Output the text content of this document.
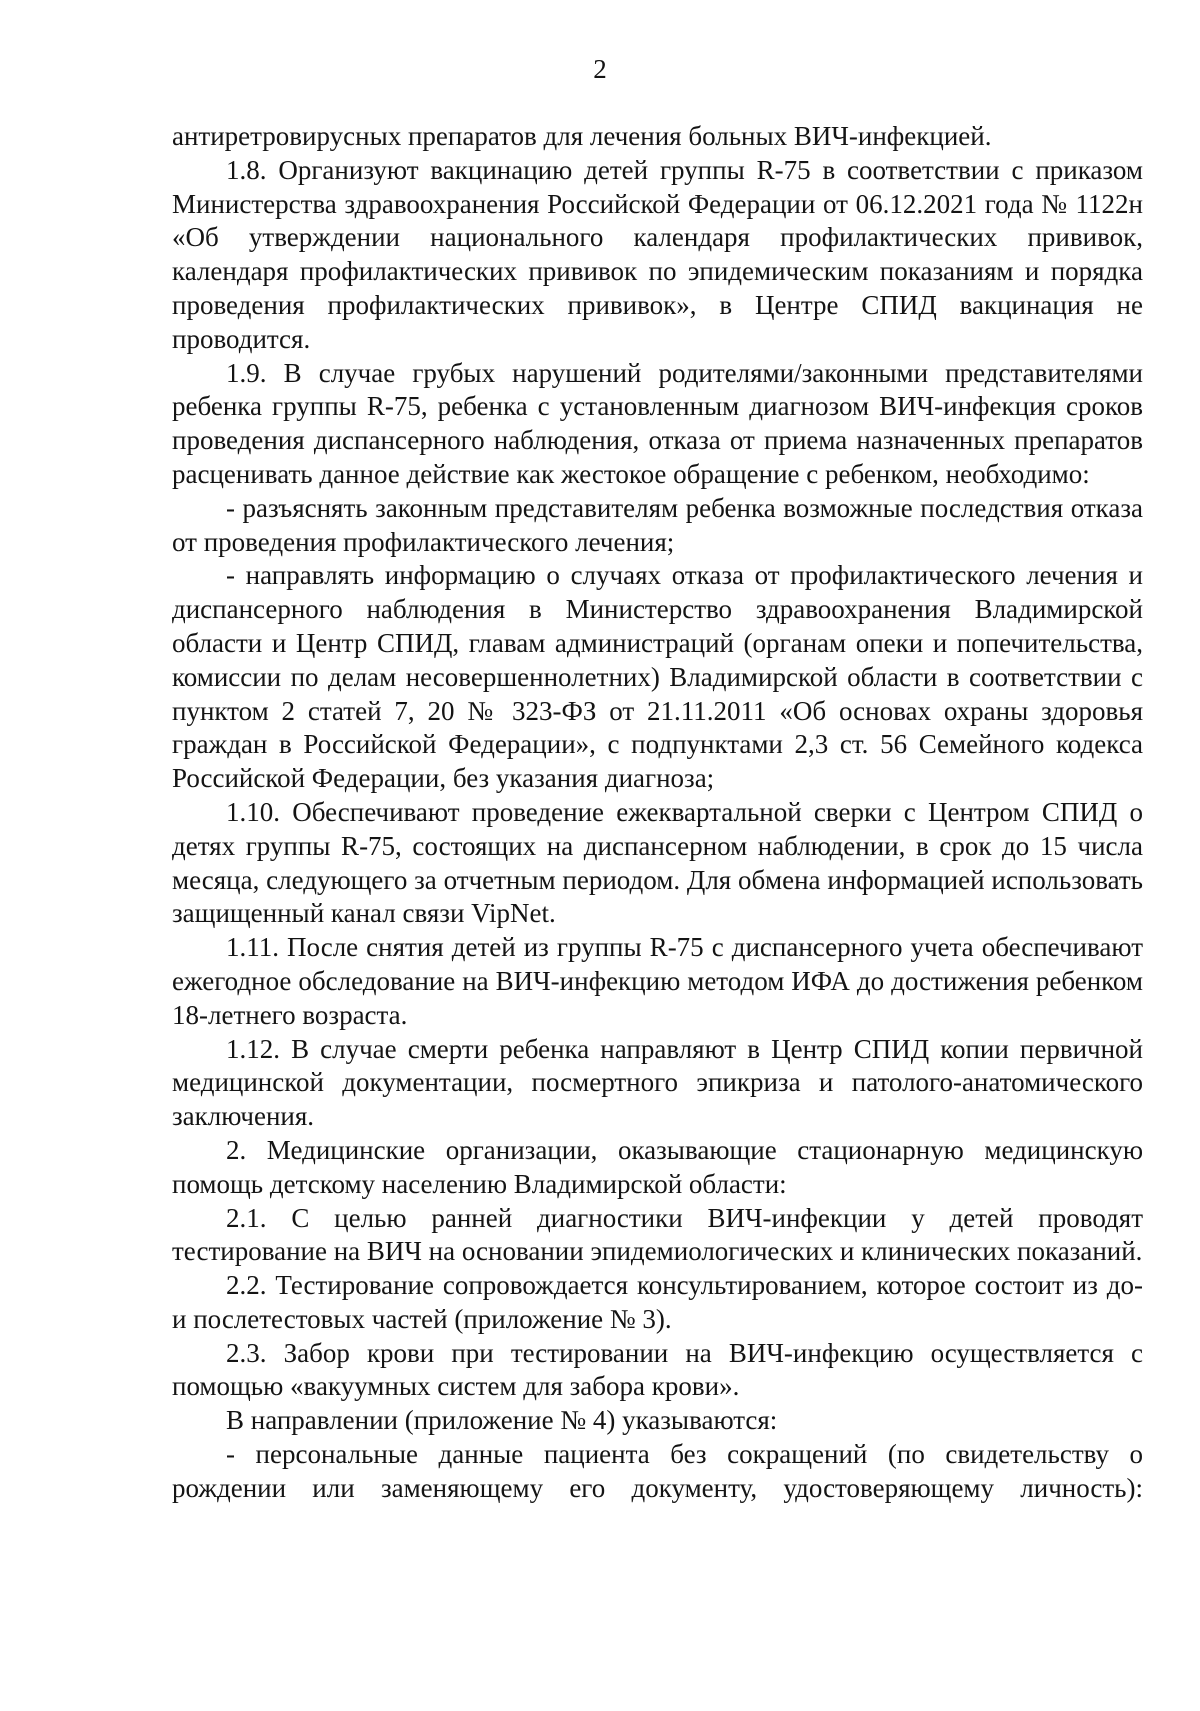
2

антиретровирусных препаратов для лечения больных ВИЧ-инфекцией.

1.8. Организуют вакцинацию детей группы R-75 в соответствии с приказом Министерства здравоохранения Российской Федерации от 06.12.2021 года № 1122н «Об утверждении национального календаря профилактических прививок, календаря профилактических прививок по эпидемическим показаниям и порядка проведения профилактических прививок», в Центре СПИД вакцинация не проводится.

1.9. В случае грубых нарушений родителями/законными представителями ребенка группы R-75, ребенка с установленным диагнозом ВИЧ-инфекция сроков проведения диспансерного наблюдения, отказа от приема назначенных препаратов расценивать данное действие как жестокое обращение с ребенком, необходимо:

- разъяснять законным представителям ребенка возможные последствия отказа от проведения профилактического лечения;

- направлять информацию о случаях отказа от профилактического лечения и диспансерного наблюдения в Министерство здравоохранения Владимирской области и Центр СПИД, главам администраций (органам опеки и попечительства, комиссии по делам несовершеннолетних) Владимирской области в соответствии с пунктом 2 статей 7, 20 № 323-ФЗ от 21.11.2011 «Об основах охраны здоровья граждан в Российской Федерации», с подпунктами 2,3 ст. 56 Семейного кодекса Российской Федерации, без указания диагноза;

1.10. Обеспечивают проведение ежеквартальной сверки с Центром СПИД о детях группы R-75, состоящих на диспансерном наблюдении, в срок до 15 числа месяца, следующего за отчетным периодом. Для обмена информацией использовать защищенный канал связи VipNet.

1.11. После снятия детей из группы R-75 с диспансерного учета обеспечивают ежегодное обследование на ВИЧ-инфекцию методом ИФА до достижения ребенком 18-летнего возраста.

1.12. В случае смерти ребенка направляют в Центр СПИД копии первичной медицинской документации, посмертного эпикриза и патолого-анатомического заключения.

2. Медицинские организации, оказывающие стационарную медицинскую помощь детскому населению Владимирской области:

2.1. С целью ранней диагностики ВИЧ-инфекции у детей проводят тестирование на ВИЧ на основании эпидемиологических и клинических показаний.

2.2. Тестирование сопровождается консультированием, которое состоит из до- и послетестовых частей (приложение № 3).

2.3. Забор крови при тестировании на ВИЧ-инфекцию осуществляется с помощью «вакуумных систем для забора крови».

В направлении (приложение № 4) указываются:

- персональные данные пациента без сокращений (по свидетельству о рождении или заменяющему его документу, удостоверяющему личность):
